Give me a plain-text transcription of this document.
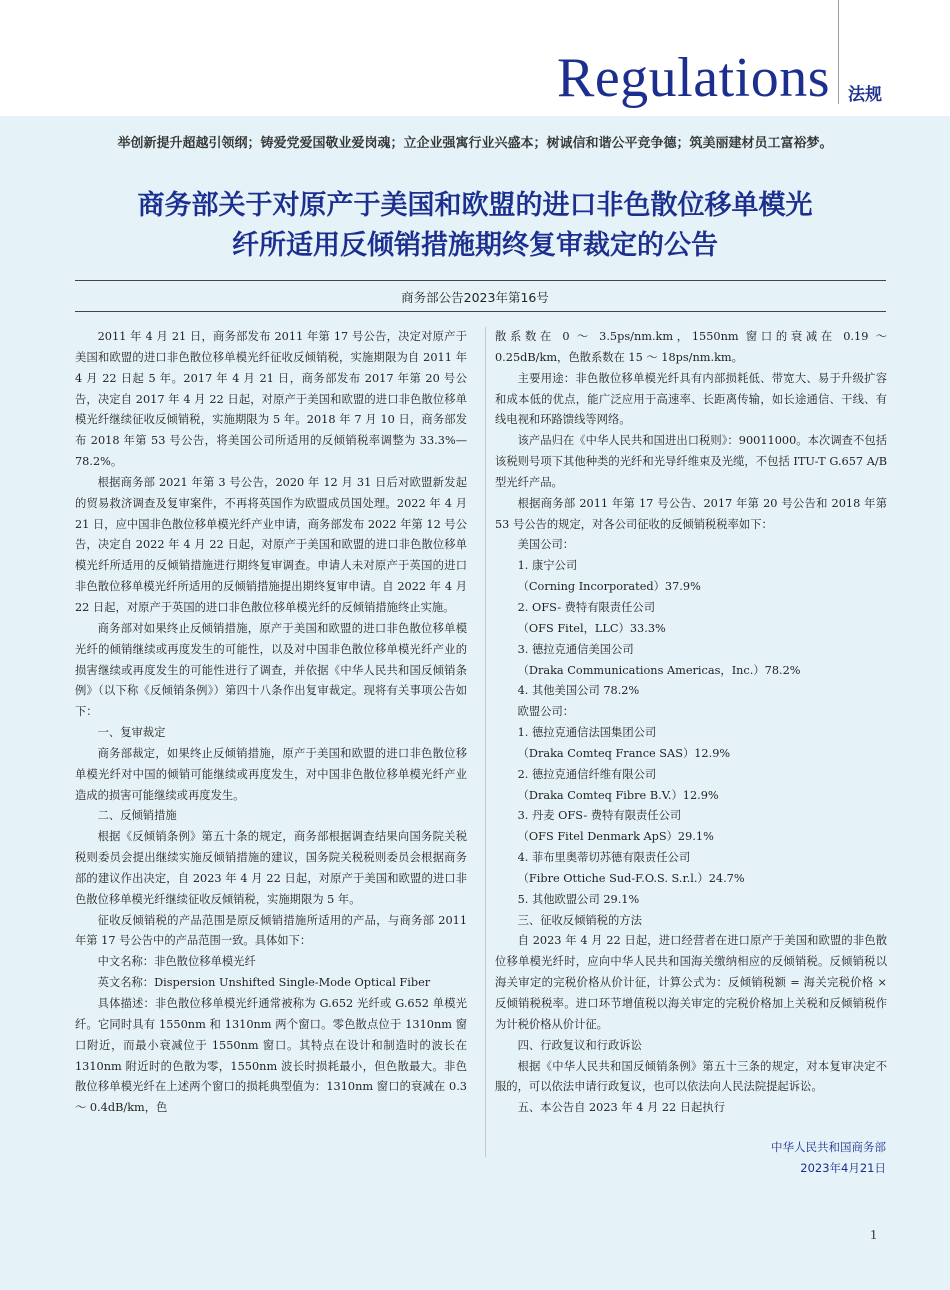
Regulations 法规
举创新提升超越引领纲；铸爱党爱国敬业爱岗魂；立企业强寓行业兴盛本；树诚信和谐公平竞争德；筑美丽建材员工富裕梦。
商务部关于对原产于美国和欧盟的进口非色散位移单模光
纤所适用反倾销措施期终复审裁定的公告
商务部公告2023年第16号

2011 年 4 月 21 日，商务部发布 2011 年第 17 号公告，决定对原产于美国和欧盟的进口非色散位移单模光纤征收反倾销税，实施期限为自 2011 年 4 月 22 日起 5 年。2017 年 4 月 21 日，商务部发布 2017 年第 20 号公告，决定自 2017 年 4 月 22 日起，对原产于美国和欧盟的进口非色散位移单模光纤继续征收反倾销税，实施期限为 5 年。2018 年 7 月 10 日，商务部发布 2018 年第 53 号公告，将美国公司所适用的反倾销税率调整为 33.3%—78.2%。

根据商务部 2021 年第 3 号公告，2020 年 12 月 31 日后对欧盟新发起的贸易救济调查及复审案件，不再将英国作为欧盟成员国处理。2022 年 4 月 21 日，应中国非色散位移单模光纤产业申请，商务部发布 2022 年第 12 号公告，决定自 2022 年 4 月 22 日起，对原产于美国和欧盟的进口非色散位移单模光纤所适用的反倾销措施进行期终复审调查。申请人未对原产于英国的进口非色散位移单模光纤所适用的反倾销措施提出期终复审申请。自 2022 年 4 月 22 日起，对原产于英国的进口非色散位移单模光纤的反倾销措施终止实施。

商务部对如果终止反倾销措施，原产于美国和欧盟的进口非色散位移单模光纤的倾销继续或再度发生的可能性，以及对中国非色散位移单模光纤产业的损害继续或再度发生的可能性进行了调查，并依据《中华人民共和国反倾销条例》（以下称《反倾销条例》）第四十八条作出复审裁定。现将有关事项公告如下：

一、复审裁定

商务部裁定，如果终止反倾销措施，原产于美国和欧盟的进口非色散位移单模光纤对中国的倾销可能继续或再度发生，对中国非色散位移单模光纤产业造成的损害可能继续或再度发生。

二、反倾销措施

根据《反倾销条例》第五十条的规定，商务部根据调查结果向国务院关税税则委员会提出继续实施反倾销措施的建议，国务院关税税则委员会根据商务部的建议作出决定，自 2023 年 4 月 22 日起，对原产于美国和欧盟的进口非色散位移单模光纤继续征收反倾销税，实施期限为 5 年。

征收反倾销税的产品范围是原反倾销措施所适用的产品，与商务部 2011 年第 17 号公告中的产品范围一致。具体如下：

中文名称：非色散位移单模光纤

英文名称：Dispersion Unshifted Single-Mode Optical Fiber

具体描述：非色散位移单模光纤通常被称为 G.652 光纤或 G.652 单模光纤。它同时具有 1550nm 和 1310nm 两个窗口。零色散点位于 1310nm 窗口附近，而最小衰减位于 1550nm 窗口。其特点在设计和制造时的波长在 1310nm 附近时的色散为零，1550nm 波长时损耗最小，但色散最大。非色散位移单模光纤在上述两个窗口的损耗典型值为：1310nm 窗口的衰减在 0.3 ～ 0.4dB/km，色

散系数在 0 ～ 3.5ps/nm.km，1550nm 窗口的衰减在 0.19 ～ 0.25dB/km，色散系数在 15 ～ 18ps/nm.km。

主要用途：非色散位移单模光纤具有内部损耗低、带宽大、易于升级扩容和成本低的优点，能广泛应用于高速率、长距离传输，如长途通信、干线、有线电视和环路馈线等网络。

该产品归在《中华人民共和国进出口税则》：90011000。本次调查不包括该税则号项下其他种类的光纤和光导纤维束及光缆，不包括 ITU-T G.657 A/B 型光纤产品。

根据商务部 2011 年第 17 号公告、2017 年第 20 号公告和 2018 年第 53 号公告的规定，对各公司征收的反倾销税税率如下：

美国公司：

1. 康宁公司

（Corning Incorporated）37.9%

2. OFS- 费特有限责任公司

（OFS Fitel，LLC）33.3%

3. 德拉克通信美国公司

（Draka Communications Americas，Inc.）78.2%

4. 其他美国公司 78.2%

欧盟公司：

1. 德拉克通信法国集团公司

（Draka Comteq France SAS）12.9%

2. 德拉克通信纤维有限公司

（Draka Comteq Fibre B.V.）12.9%

3. 丹麦 OFS- 费特有限责任公司

（OFS Fitel Denmark ApS）29.1%

4. 菲布里奥蒂切苏德有限责任公司

（Fibre Ottiche Sud-F.O.S. S.r.l.）24.7%

5. 其他欧盟公司 29.1%

三、征收反倾销税的方法

自 2023 年 4 月 22 日起，进口经营者在进口原产于美国和欧盟的非色散位移单模光纤时，应向中华人民共和国海关缴纳相应的反倾销税。反倾销税以海关审定的完税价格从价计征，计算公式为：反倾销税额 = 海关完税价格 × 反倾销税税率。进口环节增值税以海关审定的完税价格加上关税和反倾销税作为计税价格从价计征。

四、行政复议和行政诉讼

根据《中华人民共和国反倾销条例》第五十三条的规定，对本复审决定不服的，可以依法申请行政复议，也可以依法向人民法院提起诉讼。

五、本公告自 2023 年 4 月 22 日起执行

中华人民共和国商务部
2023年4月21日
1
